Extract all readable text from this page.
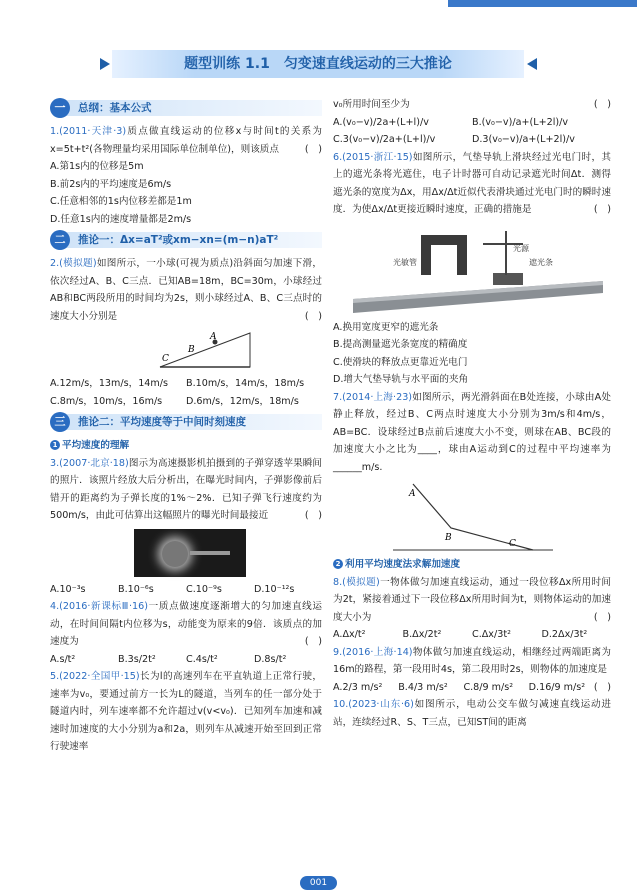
题型训练 1.1　匀变速直线运动的三大推论
一	总纲：基本公式

1.(2011·天津·3)质点做直线运动的位移x与时间t的关系为x=5t+t²(各物理量均采用国际单位制单位)，则该质点	(　)

A.第1s内的位移是5m

B.前2s内的平均速度是6m/s

C.任意相邻的1s内位移差都是1m

D.任意1s内的速度增量都是2m/s

二	推论一：Δx=aT²或xm−xn=(m−n)aT²

2.(模拟题)如图所示，一小球(可视为质点)沿斜面匀加速下滑，依次经过A、B、C三点．已知AB=18m，BC=30m，小球经过AB和BC两段所用的时间均为2s，则小球经过A、B、C三点时的速度大小分别是	(　)

A
B
C

A.12m/s，13m/s，14m/s	B.10m/s，14m/s，18m/s

C.8m/s，10m/s，16m/s	D.6m/s，12m/s，18m/s

三	推论二：平均速度等于中间时刻速度

1 平均速度的理解

3.(2007·北京·18)图示为高速摄影机拍摄到的子弹穿透苹果瞬间的照片．该照片经放大后分析出，在曝光时间内，子弹影像前后错开的距离约为子弹长度的1%～2%．已知子弹飞行速度约为500m/s，由此可估算出这幅照片的曝光时间最接近	(　)

A.10⁻³s	B.10⁻⁶s	C.10⁻⁹s	D.10⁻¹²s

4.(2016·新课标Ⅲ·16)一质点做速度逐渐增大的匀加速直线运动，在时间间隔t内位移为s，动能变为原来的9倍．该质点的加速度为	(　)

A.s/t²	B.3s/2t²	C.4s/t²	D.8s/t²

5.(2022·全国甲·15)长为l的高速列车在平直轨道上正常行驶，速率为v₀，要通过前方一长为L的隧道，当列车的任一部分处于隧道内时，列车速率都不允许超过v(v<v₀)．已知列车加速和减速时加速度的大小分别为a和2a，则列车从减速开始至回到正常行驶速率

v₀所用时间至少为	(　)

A.(v₀−v)/2a+(L+l)/v	B.(v₀−v)/a+(L+2l)/v

C.3(v₀−v)/2a+(L+l)/v	D.3(v₀−v)/a+(L+2l)/v

6.(2015·浙江·15)如图所示，气垫导轨上滑块经过光电门时，其上的遮光条将光遮住，电子计时器可自动记录遮光时间Δt．测得遮光条的宽度为Δx，用Δx/Δt近似代表滑块通过光电门时的瞬时速度．为使Δx/Δt更接近瞬时速度，正确的措施是	(　)

光敏管
光源
遮光条

A.换用宽度更窄的遮光条

B.提高测量遮光条宽度的精确度

C.使滑块的释放点更靠近光电门

D.增大气垫导轨与水平面的夹角

7.(2014·上海·23)如图所示，两光滑斜面在B处连接，小球由A处静止释放，经过B、C两点时速度大小分别为3m/s和4m/s，AB=BC．设球经过B点前后速度大小不变，则球在AB、BC段的加速度大小之比为____，球由A运动到C的过程中平均速率为______m/s.

A
B
C

2 利用平均速度法求解加速度

8.(模拟题)一物体做匀加速直线运动，通过一段位移Δx所用时间为2t，紧接着通过下一段位移Δx所用时间为t，则物体运动的加速度大小为	(　)

A.Δx/t²	B.Δx/2t²	C.Δx/3t²	D.2Δx/3t²

9.(2016·上海·14)物体做匀加速直线运动，相继经过两端距离为16m的路程，第一段用时4s，第二段用时2s，则物体的加速度是
(　)

A.2/3 m/s²	B.4/3 m/s²	C.8/9 m/s²	D.16/9 m/s²

10.(2023·山东·6)如图所示，电动公交车做匀减速直线运动进站，连续经过R、S、T三点，已知ST间的距离

001
